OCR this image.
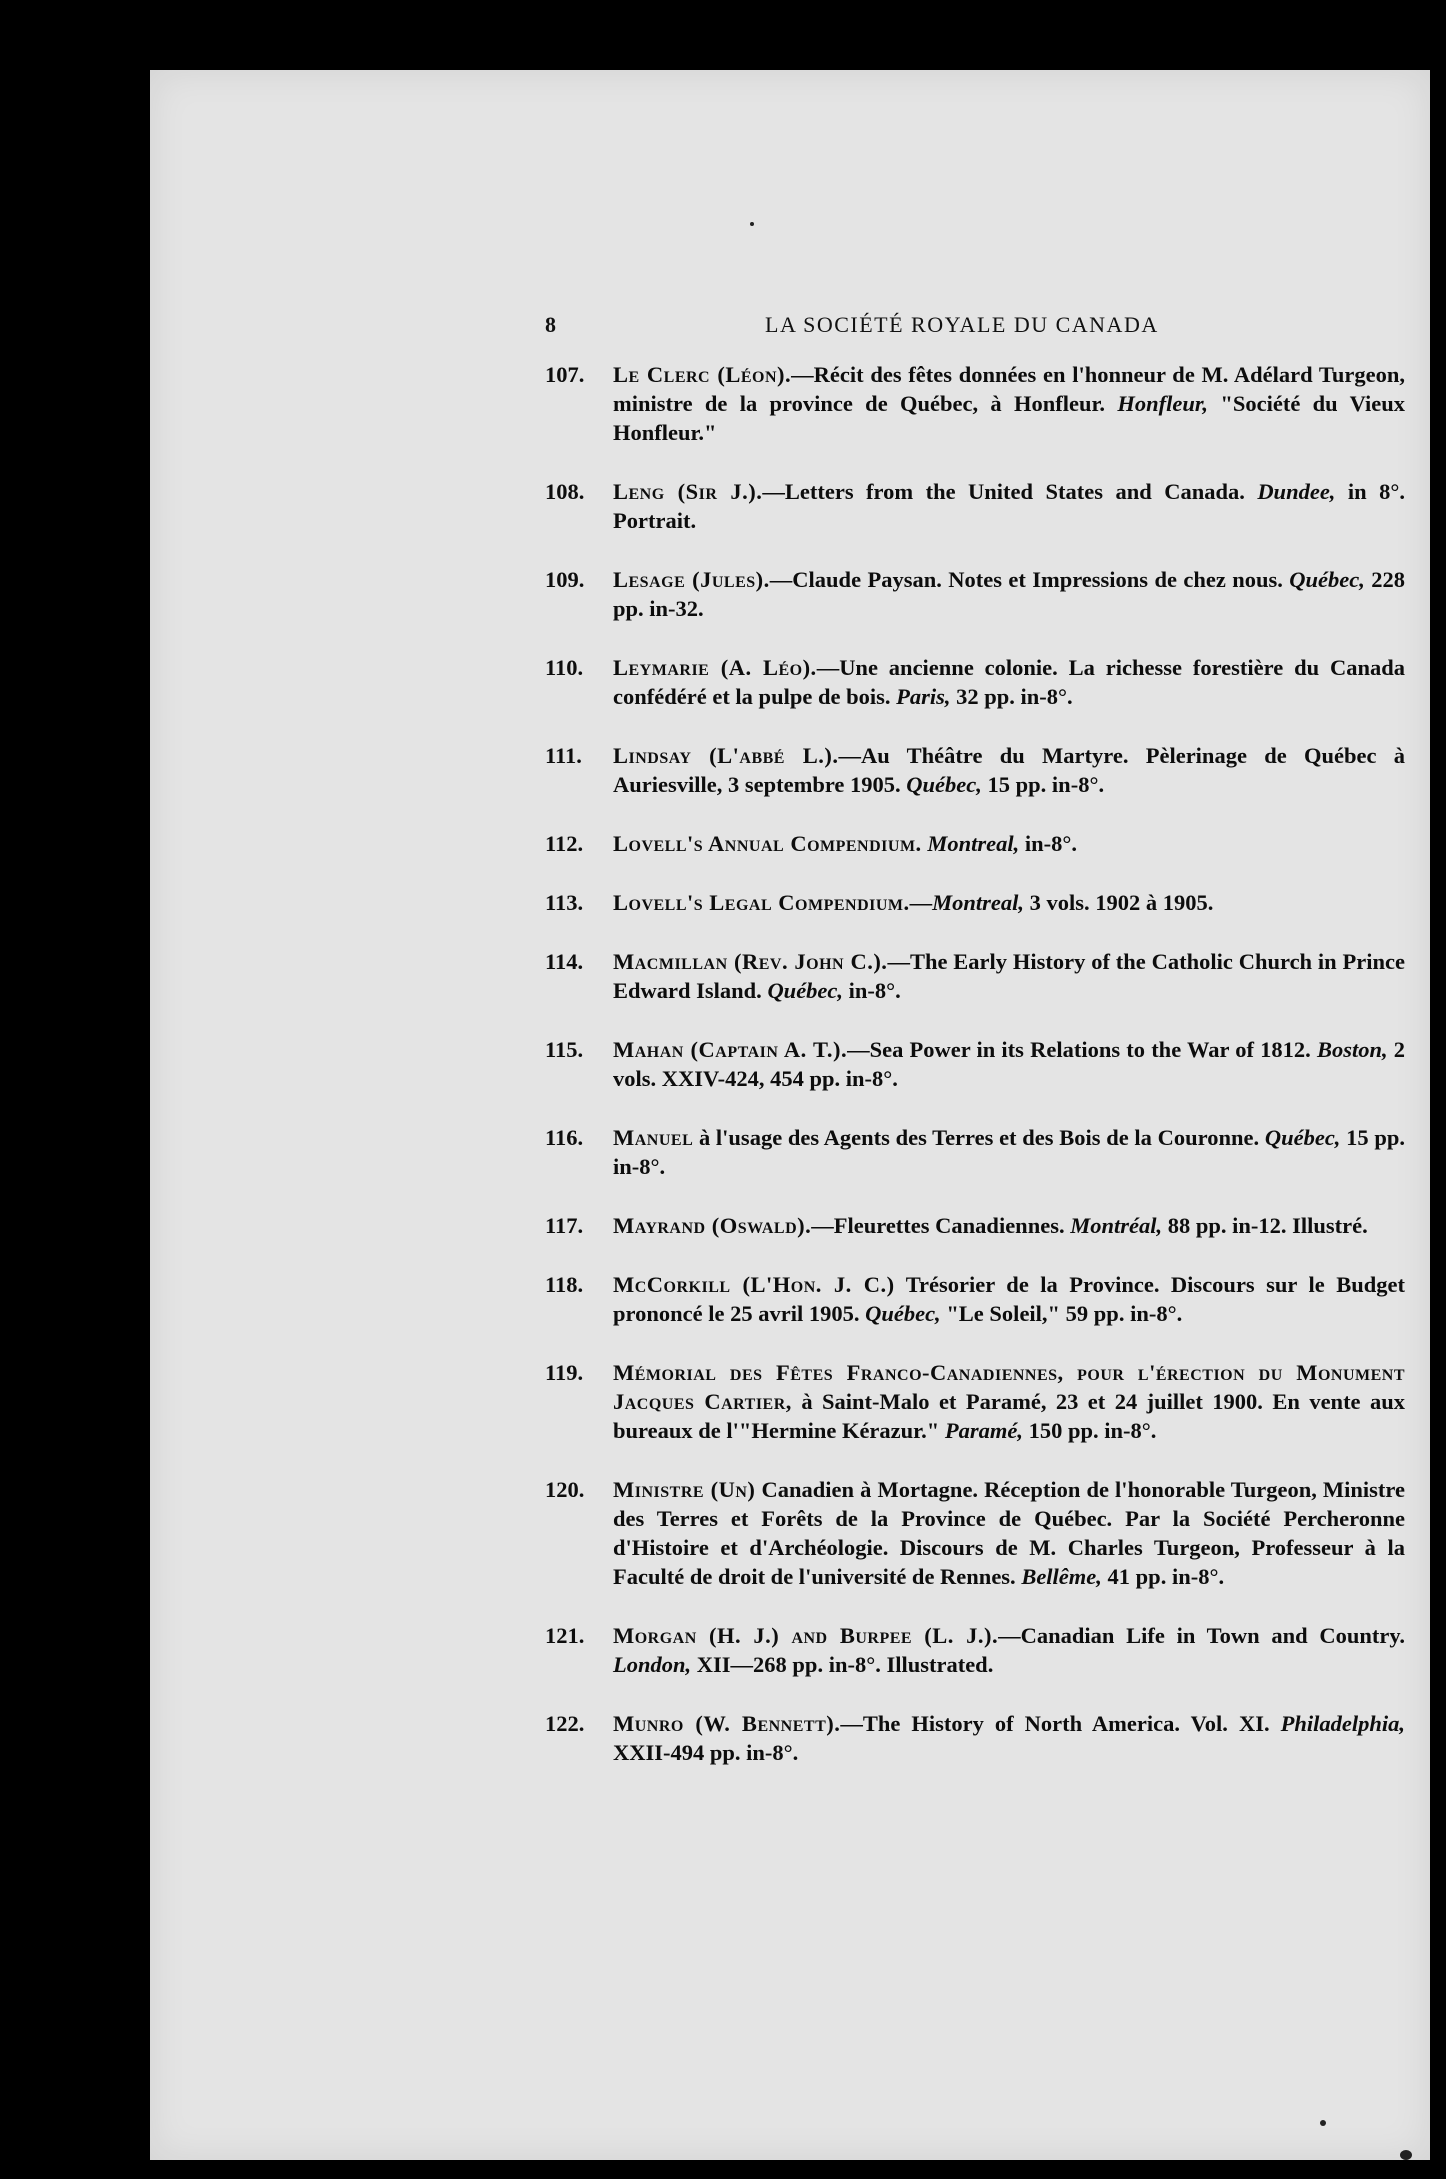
8	LA SOCIÉTÉ ROYALE DU CANADA
107.	Le Clerc (Léon).—Récit des fêtes données en l'honneur de M. Adélard Turgeon, ministre de la province de Québec, à Honfleur. Honfleur, "Société du Vieux Honfleur."
108.	Leng (Sir J.).—Letters from the United States and Canada. Dundee, in 8°. Portrait.
109.	Lesage (Jules).—Claude Paysan. Notes et Impressions de chez nous. Québec, 228 pp. in-32.
110.	Leymarie (A. Léo).—Une ancienne colonie. La richesse forestière du Canada confédéré et la pulpe de bois. Paris, 32 pp. in-8°.
111.	Lindsay (L'abbé L.).—Au Théâtre du Martyre. Pèlerinage de Québec à Auriesville, 3 septembre 1905. Québec, 15 pp. in-8°.
112.	Lovell's Annual Compendium. Montreal, in-8°.
113.	Lovell's Legal Compendium.—Montreal, 3 vols. 1902 à 1905.
114.	Macmillan (Rev. John C.).—The Early History of the Catholic Church in Prince Edward Island. Québec, in-8°.
115.	Mahan (Captain A. T.).—Sea Power in its Relations to the War of 1812. Boston, 2 vols. XXIV-424, 454 pp. in-8°.
116.	Manuel à l'usage des Agents des Terres et des Bois de la Couronne. Québec, 15 pp. in-8°.
117.	Mayrand (Oswald).—Fleurettes Canadiennes. Montréal, 88 pp. in-12. Illustré.
118.	McCorkill (L'Hon. J. C.) Trésorier de la Province. Discours sur le Budget prononcé le 25 avril 1905. Québec, "Le Soleil," 59 pp. in-8°.
119.	Mémorial des Fêtes Franco-Canadiennes, pour l'érection du Monument Jacques Cartier, à Saint-Malo et Paramé, 23 et 24 juillet 1900. En vente aux bureaux de l'"Hermine Kérazur." Paramé, 150 pp. in-8°.
120.	Ministre (Un) Canadien à Mortagne. Réception de l'honorable Turgeon, Ministre des Terres et Forêts de la Province de Québec. Par la Société Percheronne d'Histoire et d'Archéologie. Discours de M. Charles Turgeon, Professeur à la Faculté de droit de l'université de Rennes. Bellême, 41 pp. in-8°.
121.	Morgan (H. J.) and Burpee (L. J.).—Canadian Life in Town and Country. London, XII—268 pp. in-8°. Illustrated.
122.	Munro (W. Bennett).—The History of North America. Vol. XI. Philadelphia, XXII-494 pp. in-8°.
